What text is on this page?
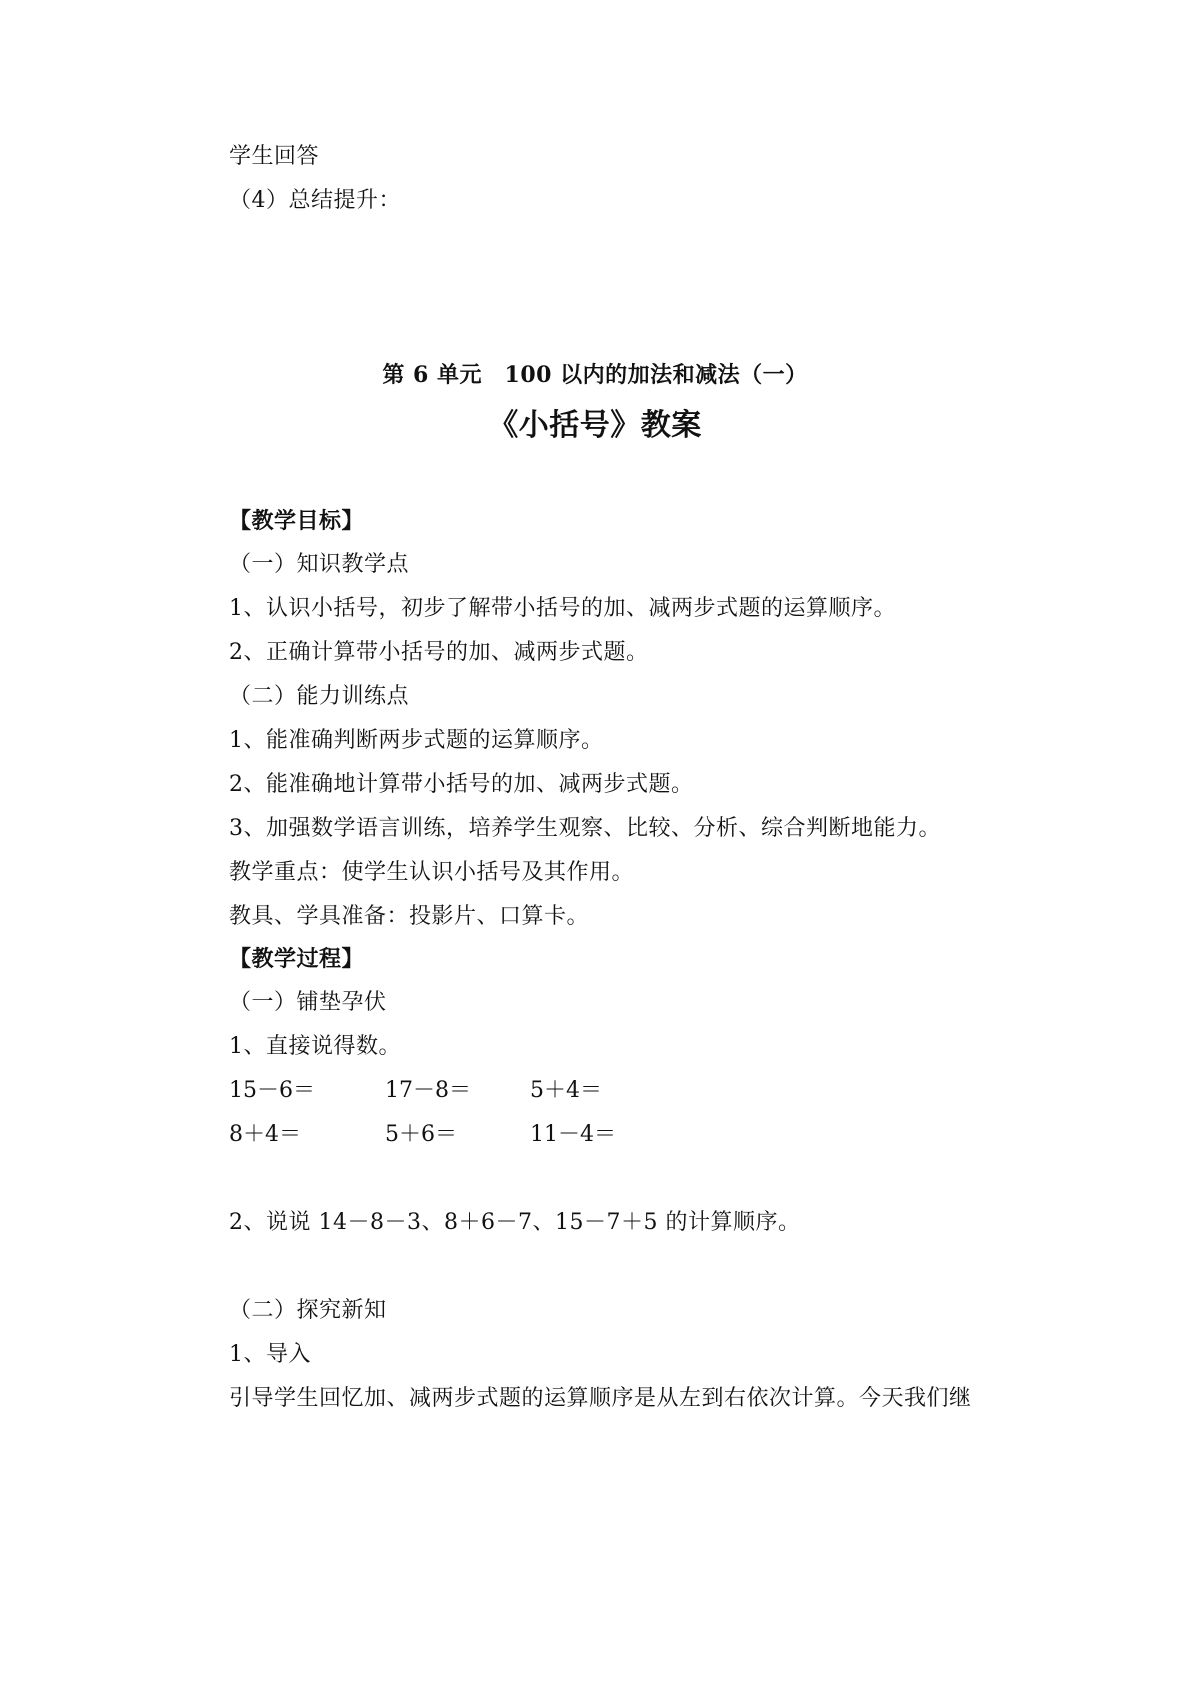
学生回答
（4）总结提升：
第 6 单元　100 以内的加法和减法（一）
《小括号》教案
【教学目标】
（一）知识教学点
1、认识小括号，初步了解带小括号的加、减两步式题的运算顺序。
2、正确计算带小括号的加、减两步式题。
（二）能力训练点
1、能准确判断两步式题的运算顺序。
2、能准确地计算带小括号的加、减两步式题。
3、加强数学语言训练，培养学生观察、比较、分析、综合判断地能力。
教学重点：使学生认识小括号及其作用。
教具、学具准备：投影片、口算卡。
【教学过程】
（一）铺垫孕伏
1、直接说得数。
15－6＝	17－8＝	5＋4＝
8＋4＝	5＋6＝	11－4＝
2、说说 14－8－3、8＋6－7、15－7＋5 的计算顺序。
（二）探究新知
1、导入
引导学生回忆加、减两步式题的运算顺序是从左到右依次计算。今天我们继
